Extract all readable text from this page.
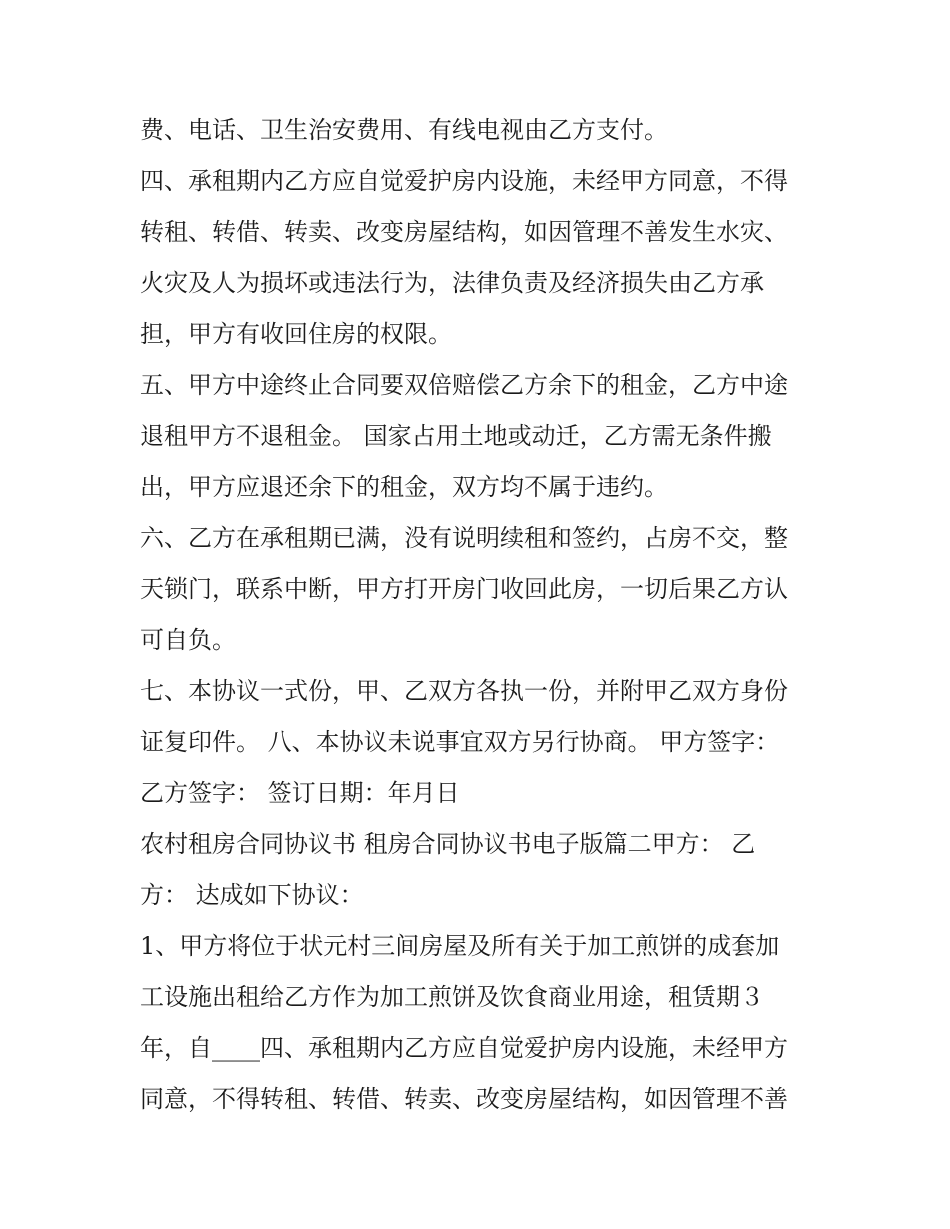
费、电话、卫生治安费用、有线电视由乙方支付。
四、承租期内乙方应自觉爱护房内设施，未经甲方同意，不得
转租、转借、转卖、改变房屋结构，如因管理不善发生水灾、
火灾及人为损坏或违法行为，法律负责及经济损失由乙方承
担，甲方有收回住房的权限。
五、甲方中途终止合同要双倍赔偿乙方余下的租金，乙方中途
退租甲方不退租金。 国家占用土地或动迁，乙方需无条件搬
出，甲方应退还余下的租金，双方均不属于违约。
六、乙方在承租期已满，没有说明续租和签约，占房不交，整
天锁门，联系中断，甲方打开房门收回此房，一切后果乙方认
可自负。
七、本协议一式份，甲、乙双方各执一份，并附甲乙双方身份
证复印件。 八、本协议未说事宜双方另行协商。 甲方签字：
乙方签字： 签订日期：年月日
农村租房合同协议书 租房合同协议书电子版篇二甲方： 乙
方： 达成如下协议：
1、甲方将位于状元村三间房屋及所有关于加工煎饼的成套加
工设施出租给乙方作为加工煎饼及饮食商业用途，租赁期３
年，自____四、承租期内乙方应自觉爱护房内设施，未经甲方
同意，不得转租、转借、转卖、改变房屋结构，如因管理不善
